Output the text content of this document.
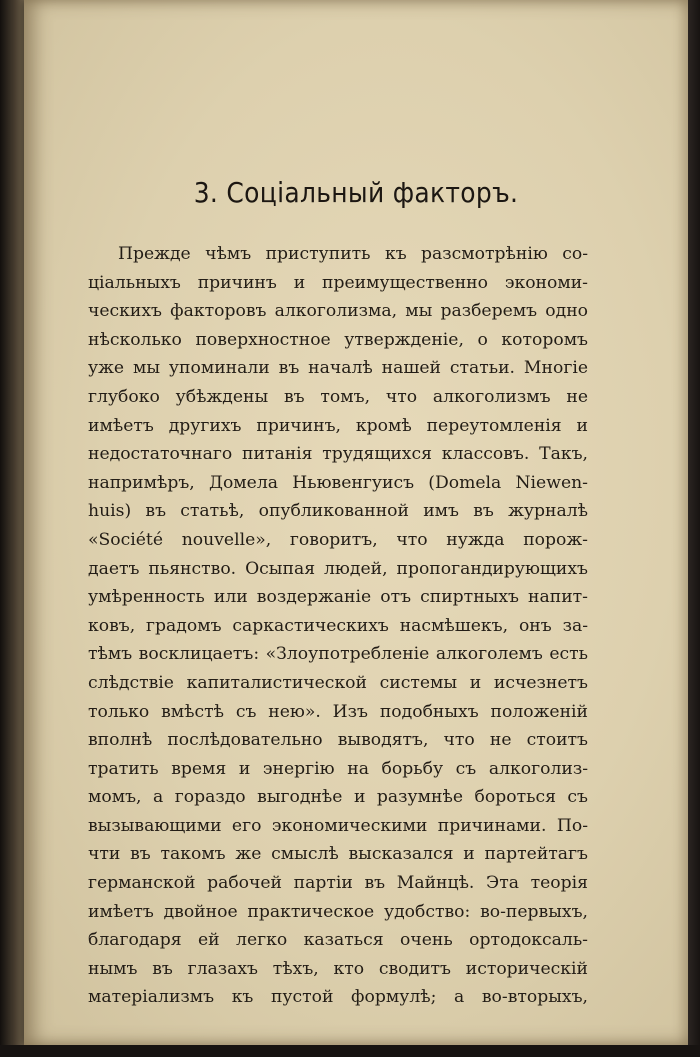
3. Соціальный факторъ.
Прежде чѣмъ приступить къ разсмотрѣнію со-
ціальныхъ причинъ и преимущественно экономи-
ческихъ факторовъ алкоголизма, мы разберемъ одно
нѣсколько поверхностное утвержденіе, о которомъ
уже мы упоминали въ началѣ нашей статьи. Многіе
глубоко убѣждены въ томъ, что алкоголизмъ не
имѣетъ другихъ причинъ, кромѣ переутомленія и
недостаточнаго питанія трудящихся классовъ. Такъ,
напримѣръ, Домела Ньювенгуисъ (Domela Niewen-
huis) въ статьѣ, опубликованной имъ въ журналѣ
«Société nouvelle», говоритъ, что нужда порож-
даетъ пьянство. Осыпая людей, пропогандирующихъ
умѣренность или воздержаніе отъ спиртныхъ напит-
ковъ, градомъ саркастическихъ насмѣшекъ, онъ за-
тѣмъ восклицаетъ: «Злоупотребленіе алкоголемъ есть
слѣдствіе капиталистической системы и исчезнетъ
только вмѣстѣ съ нею». Изъ подобныхъ положеній
вполнѣ послѣдовательно выводятъ, что не стоитъ
тратить время и энергію на борьбу съ алкоголиз-
момъ, а гораздо выгоднѣе и разумнѣе бороться съ
вызывающими его экономическими причинами. По-
чти въ такомъ же смыслѣ высказался и партейтагъ
германской рабочей партіи въ Майнцѣ. Эта теорія
имѣетъ двойное практическое удобство: во-первыхъ,
благодаря ей легко казаться очень ортодоксаль-
нымъ въ глазахъ тѣхъ, кто сводитъ историческій
матеріализмъ къ пустой формулѣ; а во-вторыхъ,
